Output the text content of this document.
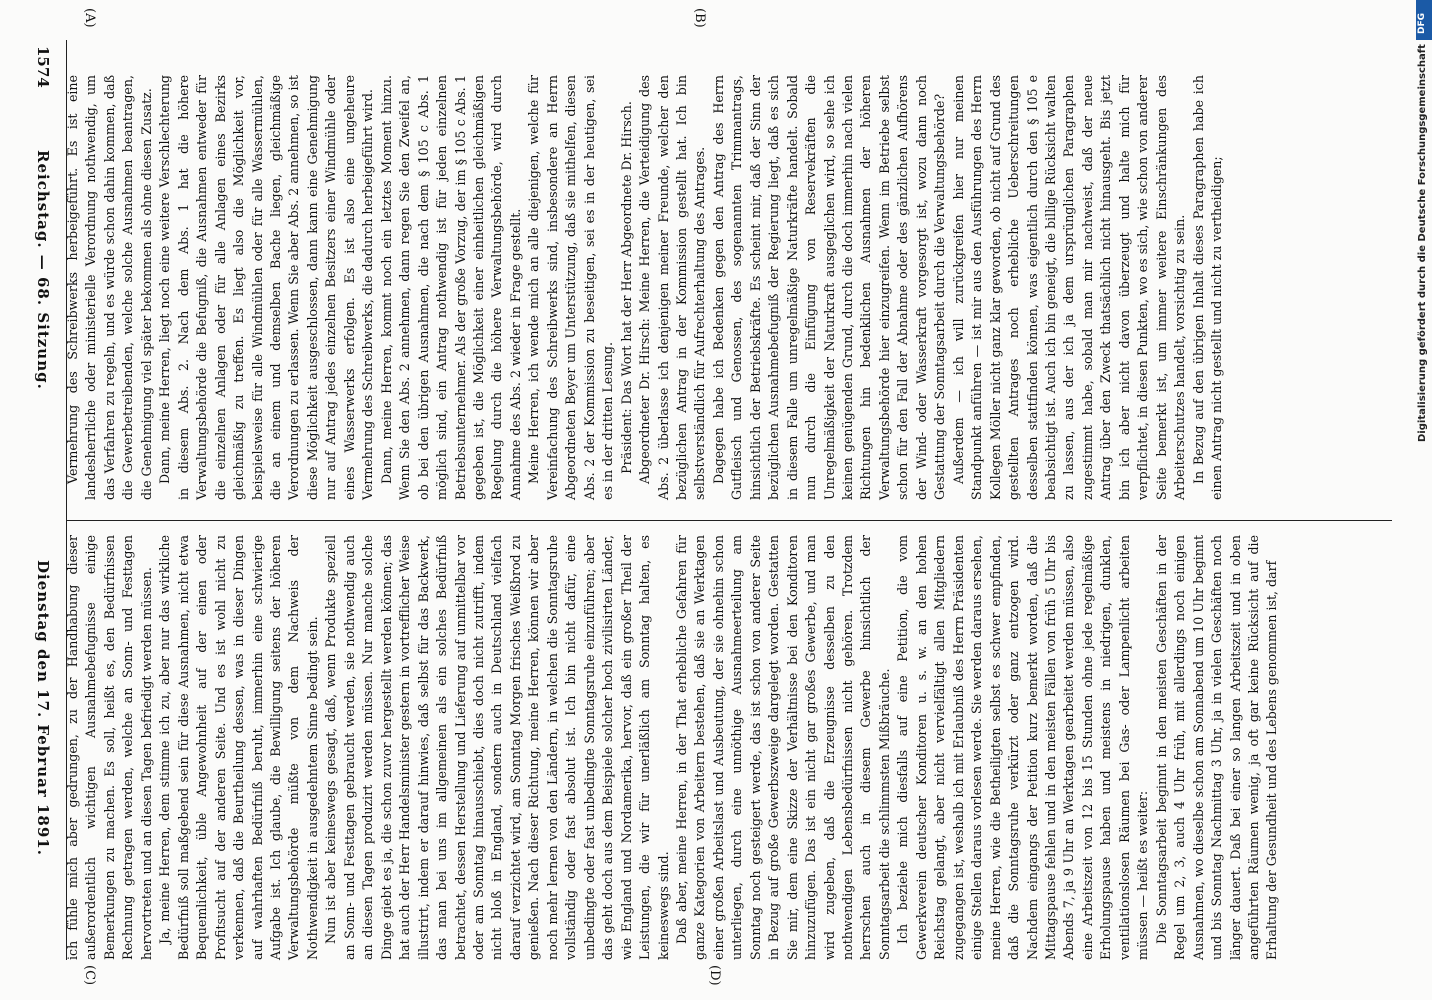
1574
Reichstag. — 68. Sitzung.
Dienstag den 17. Februar 1891.

Vermehrung des Schreibwerks herbeigeführt. Es ist eine landesherrliche oder ministerielle Verordnung nothwendig, um das Verfahren zu regeln, und es würde schon dahin kommen, daß die Gewerbetreibenden, welche solche Ausnahmen beantragen, die Genehmigung viel später bekommen als ohne diesen Zusatz. Dann, meine Herren, liegt noch eine weitere Verschlechterung in diesem Abs. 2. Nach dem Abs. 1 hat die höhere Verwaltungsbehörde die Befugniß, die Ausnahmen entweder für die einzelnen Anlagen oder für alle Anlagen eines Bezirks gleichmäßig zu treffen. Es liegt also die Möglichkeit vor, beispielsweise für alle Windmühlen oder für alle Wassermühlen, die an einem und demselben Bache liegen, gleichmäßige Verordnungen zu erlassen. Wenn Sie aber Abs. 2 annehmen, so ist diese Möglichkeit ausgeschlossen, dann kann eine Genehmigung nur auf Antrag jedes einzelnen Besitzers einer Windmühle oder eines Wasserwerks erfolgen. Es ist also eine ungeheure Vermehrung des Schreibwerks, die dadurch herbeigeführt wird. Dann, meine Herren, kommt noch ein letztes Moment hinzu. Wenn Sie den Abs. 2 annehmen, dann regen Sie den Zweifel an, ob bei den übrigen Ausnahmen, die nach dem § 105 c Abs. 1 möglich sind, ein Antrag nothwendig ist für jeden einzelnen Betriebsunternehmer. Als der große Vorzug, der im § 105 c Abs. 1 gegeben ist, die Möglichkeit einer einheitlichen gleichmäßigen Regelung durch die höhere Verwaltungsbehörde, wird durch Annahme des Abs. 2 wieder in Frage gestellt. Meine Herren, ich wende mich an alle diejenigen, welche für Vereinfachung des Schreibwerks sind, insbesondere an Herrn Abgeordneten Beyer um Unterstützung, daß sie mithelfen, diesen Abs. 2 der Kommission zu beseitigen, sei es in der heutigen, sei es in der dritten Lesung. Präsident: Das Wort hat der Herr Abgeordnete Dr. Hirsch. Abgeordneter Dr. Hirsch: Meine Herren, die Verteidigung des Abs. 2 überlasse ich denjenigen meiner Freunde, welcher den bezüglichen Antrag in der Kommission gestellt hat. Ich bin selbstverständlich für Aufrechterhaltung des Antrages. Dagegen habe ich Bedenken gegen den Antrag des Herrn Gutfleisch und Genossen, des sogenannten Trimmantrags, hinsichtlich der Betriebskräfte. Es scheint mir, daß der Sinn der bezüglichen Ausnahmebefugniß der Regierung liegt, daß es sich in diesem Falle um unregelmäßige Naturkräfte handelt. Sobald nun durch die Einfügung von Reservekräften die Unregelmäßigkeit der Naturkraft ausgeglichen wird, so sehe ich keinen genügenden Grund, durch die doch immerhin nach vielen Richtungen hin bedenklichen Ausnahmen der höheren Verwaltungsbehörde hier einzugreifen. Wenn im Betriebe selbst schon für den Fall der Abnahme oder des gänzlichen Aufhörens der Wind- oder Wasserkraft vorgesorgt ist, wozu dann noch Gestattung der Sonntagsarbeit durch die Verwaltungsbehörde? Außerdem — ich will zurückgreifen hier nur meinen Standpunkt anführen — ist mir aus den Ausführungen des Herrn Kollegen Möller nicht ganz klar geworden, ob nicht auf Grund des gestellten Antrages noch erhebliche Ueberschreitungen desselben stattfinden können, was eigentlich durch den § 105 e beabsichtigt ist. Auch ich bin geneigt, die billige Rücksicht walten zu lassen, aus der ich ja dem ursprünglichen Paragraphen zugestimmt habe, sobald man mir nachweist, daß der neue Antrag über den Zweck thatsächlich nicht hinausgeht. Bis jetzt bin ich aber nicht davon überzeugt und halte mich für verpflichtet, in diesen Punkten, wo es sich, wie schon von anderer Seite bemerkt ist, um immer weitere Einschränkungen des Arbeiterschutzes handelt, vorsichtig zu sein. In Bezug auf den übrigen Inhalt dieses Paragraphen habe ich einen Antrag nicht gestellt und nicht zu vertheidigen;

ich fühle mich aber gedrungen, zu der Handhabung dieser außerordentlich wichtigen Ausnahmebefugnisse einige Bemerkungen zu machen. Es soll, heißt es, den Bedürfnissen Rechnung getragen werden, welche an Sonn- und Festtagen hervortreten und an diesen Tagen befriedigt werden müssen. Ja, meine Herren, dem stimme ich zu, aber nur das wirkliche Bedürfniß soll maßgebend sein für diese Ausnahmen, nicht etwa Bequemlichkeit, üble Angewohnheit auf der einen oder Profitsucht auf der anderen Seite. Und es ist wohl nicht zu verkennen, daß die Beurtheilung dessen, was in dieser Dingen auf wahrhaften Bedürfniß beruht, immerhin eine schwierige Aufgabe ist. Ich glaube, die Bewilligung seitens der höheren Verwaltungsbehörde müßte von dem Nachweis der Nothwendigkeit in ausgedehntem Sinne bedingt sein. Nun ist aber keineswegs gesagt, daß, wenn Produkte speziell an Sonn- und Festtagen gebraucht werden, sie nothwendig auch an diesen Tagen produzirt werden müssen. Nur manche solche Dinge giebt es ja, die schon zuvor hergestellt werden können; das hat auch der Herr Handelsminister gestern in vortrefflicher Weise illustrirt, indem er darauf hinwies, daß selbst für das Backwerk, das man bei uns im allgemeinen als ein solches Bedürfniß betrachtet, dessen Herstellung und Lieferung auf unmittelbar vor oder am Sonntag hinausschiebt, dies doch nicht zutrifft, indem nicht bloß in England, sondern auch in Deutschland vielfach darauf verzichtet wird, am Sonntag Morgen frisches Weißbrod zu genießen. Nach dieser Richtung, meine Herren, können wir aber noch mehr lernen von den Ländern, in welchen die Sonntagsruhe vollständig oder fast absolut ist. Ich bin nicht dafür, eine unbedingte oder fast unbedingte Sonntagsruhe einzuführen; aber das geht doch aus dem Beispiele solcher hoch zivilisirten Länder, wie England und Nordamerika, hervor, daß ein großer Theil der Leistungen, die wir für unerläßlich am Sonntag halten, es keineswegs sind. Daß aber, meine Herren, in der That erhebliche Gefahren für ganze Kategorien von Arbeitern bestehen, daß sie an Werktagen einer großen Arbeitslast und Ausbeutung, der sie ohnehin schon unterliegen, durch eine unnöthige Ausnahmeerteilung am Sonntag noch gesteigert werde, das ist schon von anderer Seite in Bezug auf große Gewerbszweige dargelegt worden. Gestatten Sie mir, dem eine Skizze der Verhältnisse bei den Konditoren hinzuzufügen. Das ist ein nicht gar großes Gewerbe, und man wird zugeben, daß die Erzeugnisse desselben zu den nothwendigen Lebensbedürfnissen nicht gehören. Trotzdem herrschen auch in diesem Gewerbe hinsichtlich der Sonntagsarbeit die schlimmsten Mißbräuche. Ich beziehe mich diesfalls auf eine Petition, die vom Gewerkverein deutscher Konditoren u. s. w. an den hohen Reichstag gelangt, aber nicht vervielfältigt allen Mitgliedern zugegangen ist, weshalb ich mit Erlaubniß des Herrn Präsidenten einige Stellen daraus vorlesen werde. Sie werden daraus ersehen, meine Herren, wie die Betheiligten selbst es schwer empfinden, daß die Sonntagsruhe verkürzt oder ganz entzogen wird. Nachdem eingangs der Petition kurz bemerkt worden, daß die Mittagspause fehlen und in den meisten Fällen von früh 5 Uhr bis Abends 7, ja 9 Uhr an Werktagen gearbeitet werden müssen, also eine Arbeitszeit von 12 bis 15 Stunden ohne jede regelmäßige Erholungspause haben und meistens in niedrigen, dunklen, ventilationslosen Räumen bei Gas- oder Lampenlicht arbeiten müssen — heißt es weiter: Die Sonntagsarbeit beginnt in den meisten Geschäften in der Regel um 2, 3, auch 4 Uhr früh, mit allerdings noch einigen Ausnahmen, wo dieselbe schon am Sonnabend um 10 Uhr beginnt und bis Sonntag Nachmittag 3 Uhr, ja in vielen Geschäften noch länger dauert. Daß bei einer so langen Arbeitszeit und in oben angeführten Räumen wenig, ja oft gar keine Rücksicht auf die Erhaltung der Gesundheit und des Lebens genommen ist, darf

(A)	(B)
(C)	(D)
DFG
Digitalisierung gefördert durch die Deutsche Forschungsgemeinschaft
